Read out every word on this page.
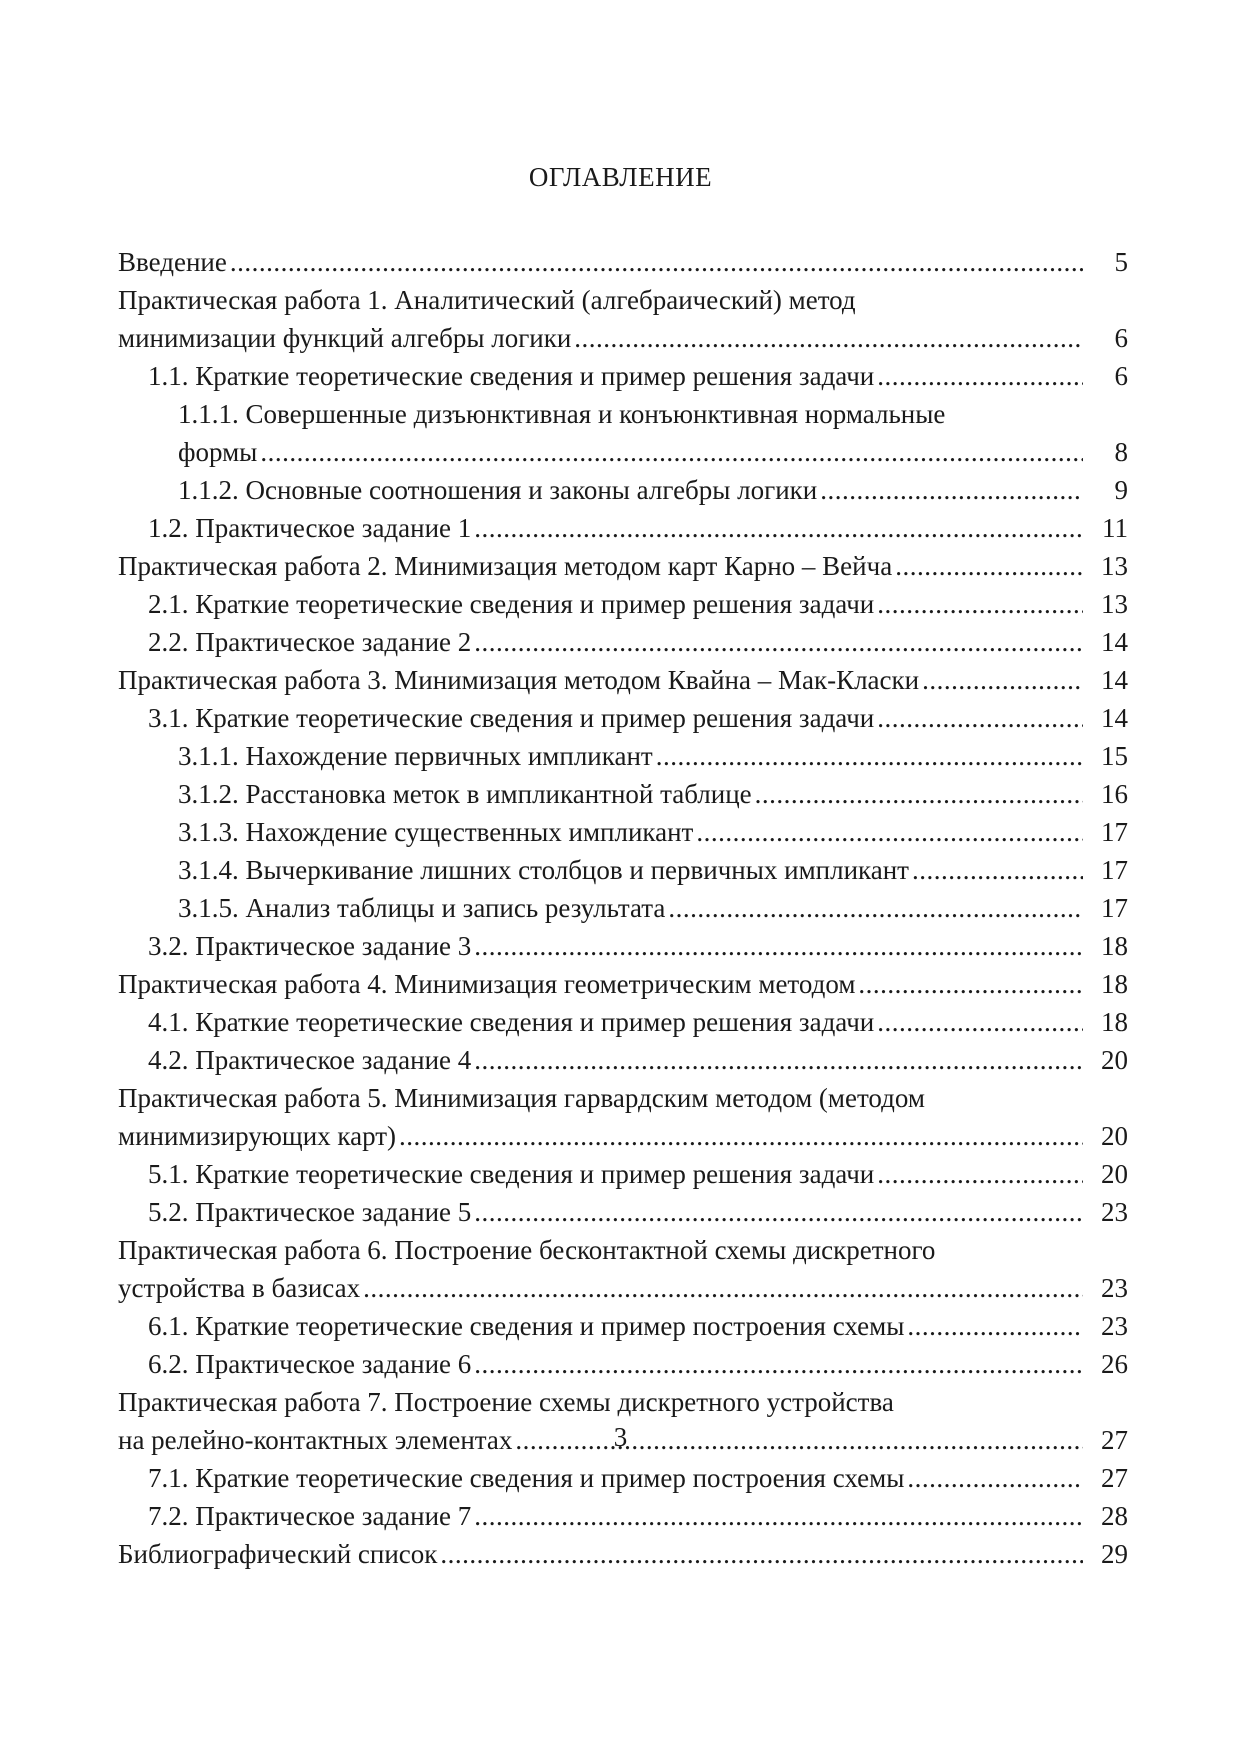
ОГЛАВЛЕНИЕ
5
Введение
.....
Практическая работа 1. Аналитический (алгебраический) метод
6
минимизации функций алгебры логики
.....
6
1.1. Краткие теоретические сведения и пример решения задачи
.....
1.1.1. Совершенные дизъюнктивная и конъюнктивная нормальные
8
формы
.....
9
1.1.2. Основные соотношения и законы алгебры логики
.....
11
1.2. Практическое задание 1
.....
13
Практическая работа 2. Минимизация методом карт Карно – Вейча
.....
13
2.1. Краткие теоретические сведения и пример решения задачи
.....
14
2.2. Практическое задание 2
.....
14
Практическая работа 3. Минимизация методом Квайна – Мак-Класки
.....
14
3.1. Краткие теоретические сведения и пример решения задачи
.....
15
3.1.1. Нахождение первичных импликант
.....
16
3.1.2. Расстановка меток в импликантной таблице
.....
17
3.1.3. Нахождение существенных импликант
.....
17
3.1.4. Вычеркивание лишних столбцов и первичных импликант
.....
17
3.1.5. Анализ таблицы и запись результата
.....
18
3.2. Практическое задание 3
.....
18
Практическая работа 4. Минимизация геометрическим методом
.....
18
4.1. Краткие теоретические сведения и пример решения задачи
.....
20
4.2. Практическое задание 4
.....
Практическая работа 5. Минимизация гарвардским методом (методом
20
минимизирующих карт)
.....
20
5.1. Краткие теоретические сведения и пример решения задачи
.....
23
5.2. Практическое задание 5
.....
Практическая работа 6. Построение бесконтактной схемы дискретного
23
устройства в базисах
.....
23
6.1. Краткие теоретические сведения и пример построения схемы
.....
26
6.2. Практическое задание 6
.....
Практическая работа 7. Построение схемы дискретного устройства
27
на релейно-контактных элементах
.....
27
7.1. Краткие теоретические сведения и пример построения схемы
.....
28
7.2. Практическое задание 7
.....
29
Библиографический список
.....
3
